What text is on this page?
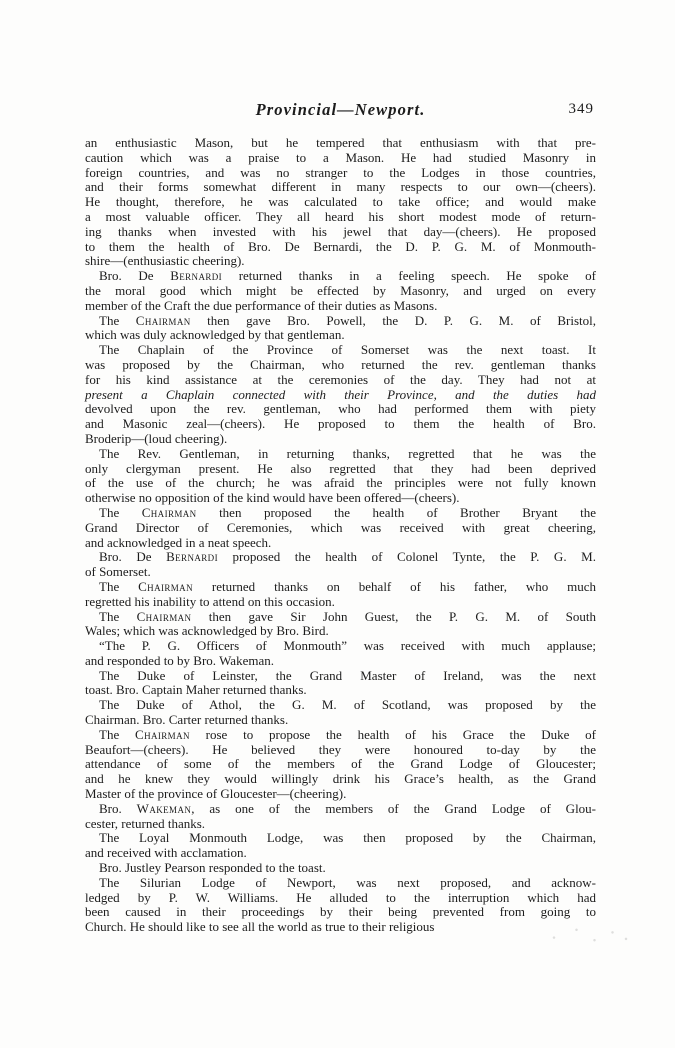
Provincial—Newport.	349
an enthusiastic Mason, but he tempered that enthusiasm with that pre-
caution which was a praise to a Mason. He had studied Masonry in
foreign countries, and was no stranger to the Lodges in those countries,
and their forms somewhat different in many respects to our own—(cheers).
He thought, therefore, he was calculated to take office; and would make
a most valuable officer. They all heard his short modest mode of return-
ing thanks when invested with his jewel that day—(cheers). He proposed
to them the health of Bro. De Bernardi, the D. P. G. M. of Monmouth-
shire—(enthusiastic cheering).
Bro. De Bernardi returned thanks in a feeling speech. He spoke of
the moral good which might be effected by Masonry, and urged on every
member of the Craft the due performance of their duties as Masons.
The Chairman then gave Bro. Powell, the D. P. G. M. of Bristol,
which was duly acknowledged by that gentleman.
The Chaplain of the Province of Somerset was the next toast. It
was proposed by the Chairman, who returned the rev. gentleman thanks
for his kind assistance at the ceremonies of the day. They had not at
present a Chaplain connected with their Province, and the duties had
devolved upon the rev. gentleman, who had performed them with piety
and Masonic zeal—(cheers). He proposed to them the health of Bro.
Broderip—(loud cheering).
The Rev. Gentleman, in returning thanks, regretted that he was the
only clergyman present. He also regretted that they had been deprived
of the use of the church; he was afraid the principles were not fully known
otherwise no opposition of the kind would have been offered—(cheers).
The Chairman then proposed the health of Brother Bryant the
Grand Director of Ceremonies, which was received with great cheering,
and acknowledged in a neat speech.
Bro. De Bernardi proposed the health of Colonel Tynte, the P. G. M.
of Somerset.
The Chairman returned thanks on behalf of his father, who much
regretted his inability to attend on this occasion.
The Chairman then gave Sir John Guest, the P. G. M. of South
Wales; which was acknowledged by Bro. Bird.
“The P. G. Officers of Monmouth” was received with much applause;
and responded to by Bro. Wakeman.
The Duke of Leinster, the Grand Master of Ireland, was the next
toast. Bro. Captain Maher returned thanks.
The Duke of Athol, the G. M. of Scotland, was proposed by the
Chairman. Bro. Carter returned thanks.
The Chairman rose to propose the health of his Grace the Duke of
Beaufort—(cheers). He believed they were honoured to-day by the
attendance of some of the members of the Grand Lodge of Gloucester;
and he knew they would willingly drink his Grace’s health, as the Grand
Master of the province of Gloucester—(cheering).
Bro. Wakeman, as one of the members of the Grand Lodge of Glou-
cester, returned thanks.
The Loyal Monmouth Lodge, was then proposed by the Chairman,
and received with acclamation.
Bro. Justley Pearson responded to the toast.
The Silurian Lodge of Newport, was next proposed, and acknow-
ledged by P. W. Williams. He alluded to the interruption which had
been caused in their proceedings by their being prevented from going to
Church. He should like to see all the world as true to their religious
